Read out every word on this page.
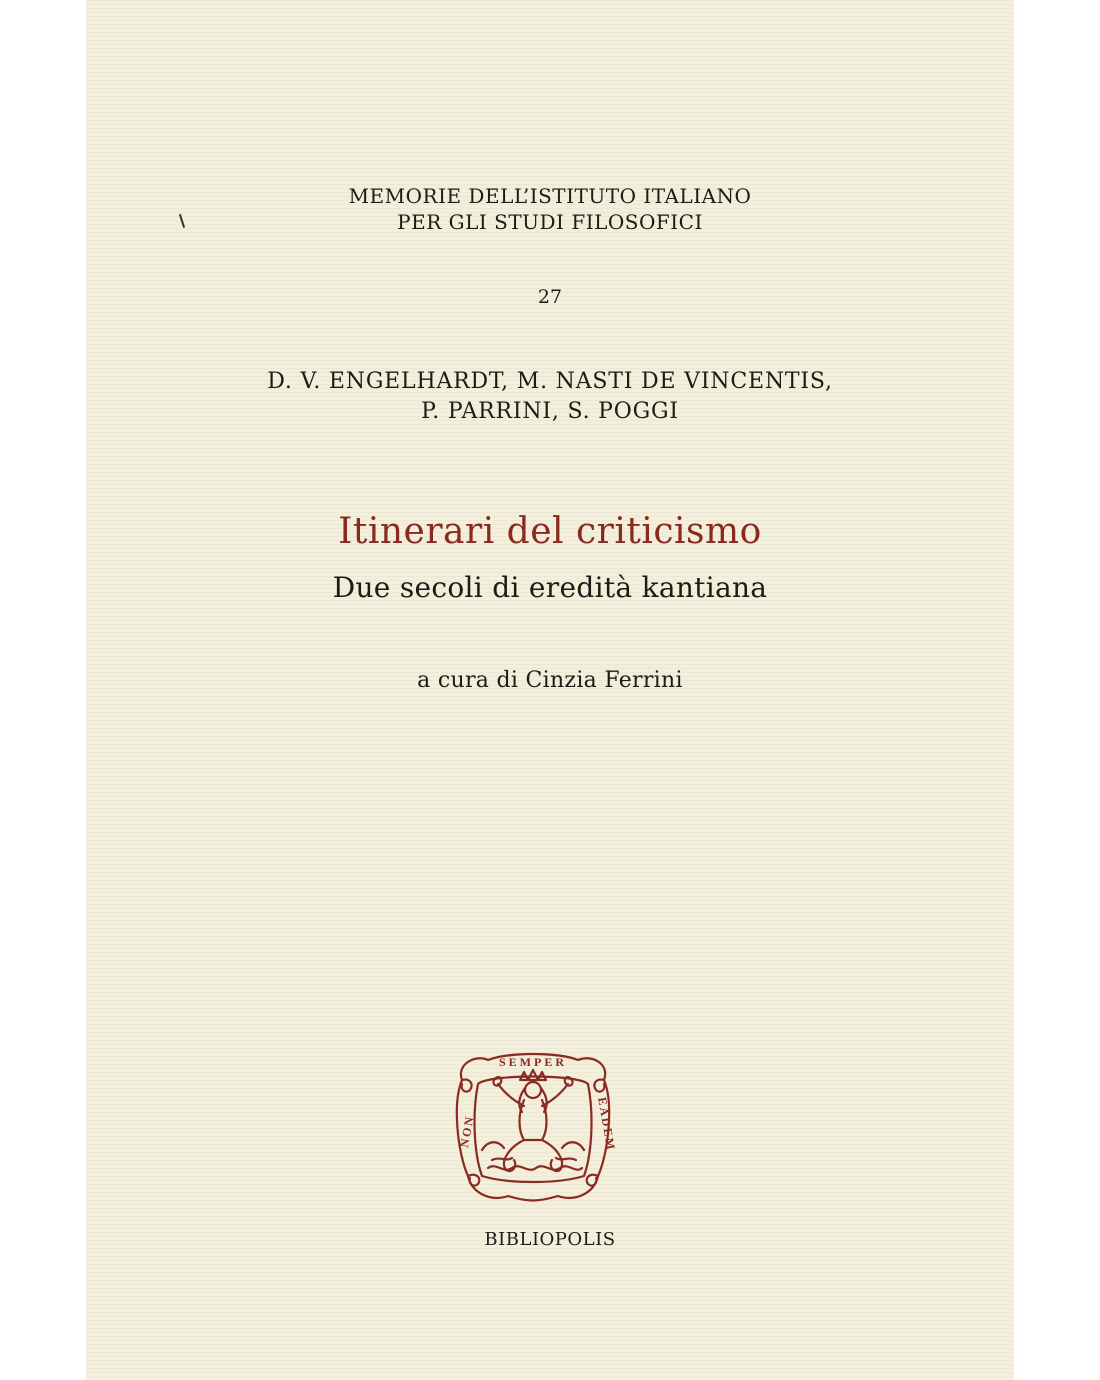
MEMORIE DELL’ISTITUTO ITALIANO
PER GLI STUDI FILOSOFICI
27
D. V. ENGELHARDT, M. NASTI DE VINCENTIS,
P. PARRINI, S. POGGI
Itinerari del criticismo
Due secoli di eredità kantiana
a cura di Cinzia Ferrini
SEMPER
NON	EADEM
BIBLIOPOLIS
